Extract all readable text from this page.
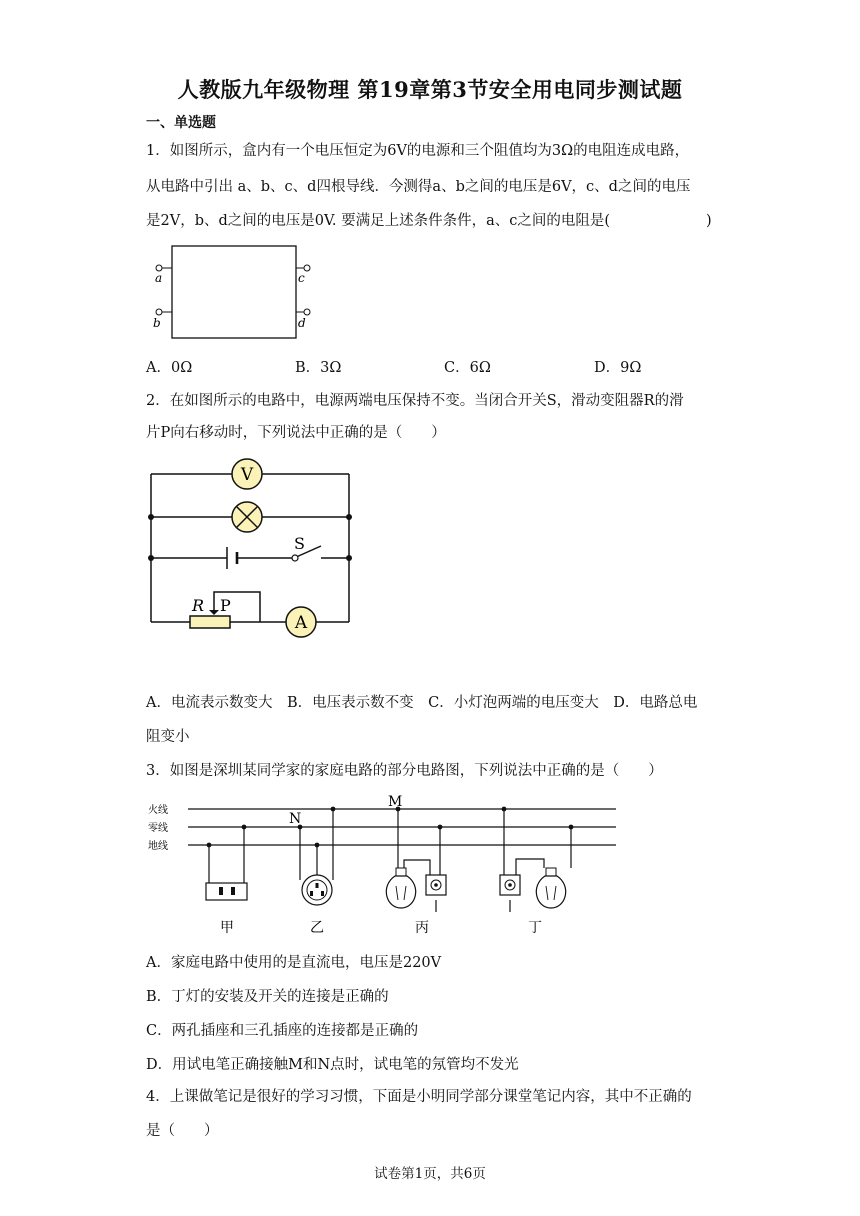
人教版九年级物理 第19章第3节安全用电同步测试题
一、单选题
1．如图所示，盒内有一个电压恒定为6V的电源和三个阻值均为3Ω的电阻连成电路，
从电路中引出 a、b、c、d四根导线．今测得a、b之间的电压是6V，c、d之间的电压
是2V，b、d之间的电压是0V. 要满足上述条件条件，a、c之间的电阻是(	)
a
b
c
d
A．0Ω	B．3Ω	C．6Ω	D．9Ω
2．在如图所示的电路中，电源两端电压保持不变。当闭合开关S，滑动变阻器R的滑
片P向右移动时，下列说法中正确的是（　　）
V
A
S
R P
A．电流表示数变大　B．电压表示数不变　C．小灯泡两端的电压变大　D．电路总电
阻变小
3．如图是深圳某同学家的家庭电路的部分电路图，下列说法中正确的是（　　）
火线
零线
地线
M
N
甲	乙	丙	丁
A．家庭电路中使用的是直流电，电压是220V
B．丁灯的安装及开关的连接是正确的
C．两孔插座和三孔插座的连接都是正确的
D．用试电笔正确接触M和N点时，试电笔的氖管均不发光
4．上课做笔记是很好的学习习惯，下面是小明同学部分课堂笔记内容，其中不正确的
是（　　）
试卷第1页，共6页
